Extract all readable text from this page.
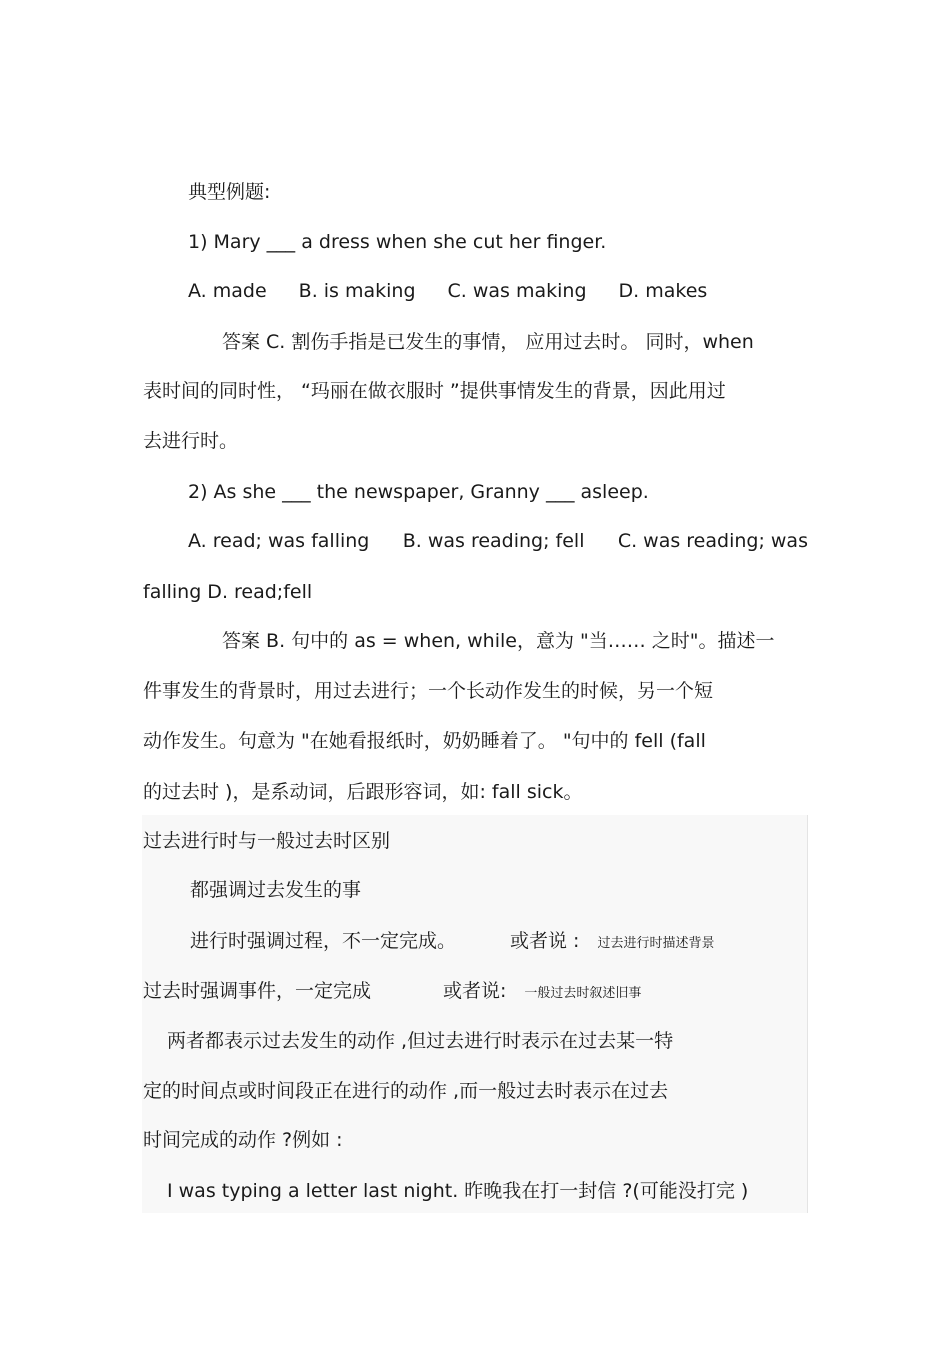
典型例题:
1) Mary ___ a dress when she cut her finger.
A. made B. is making C. was making D. makes
答案 C. 割伤手指是已发生的事情， 应用过去时。 同时，when
表时间的同时性， “玛丽在做衣服时 ”提供事情发生的背景，因此用过
去进行时。
2) As she ___ the newspaper, Granny ___ asleep.
A. read; was falling B. was reading; fell C. was reading; was
falling D. read;fell
答案 B. 句中的 as = when, while，意为 "当…… 之时"。描述一
件事发生的背景时，用过去进行；一个长动作发生的时候，另一个短
动作发生。句意为 "在她看报纸时，奶奶睡着了。 "句中的 fell (fall
的过去时 )，是系动词，后跟形容词，如: fall sick。
过去进行时与一般过去时区别
都强调过去发生的事
进行时强调过程，不一定完成。	或者说 : 过去进行时描述背景
过去时强调事件，一定完成	或者说: 一般过去时叙述旧事
两者都表示过去发生的动作 ,但过去进行时表示在过去某一特
定的时间点或时间段正在进行的动作 ,而一般过去时表示在过去
时间完成的动作 ?例如 :
I was typing a letter last night. 昨晚我在打一封信 ?(可能没打完 )
